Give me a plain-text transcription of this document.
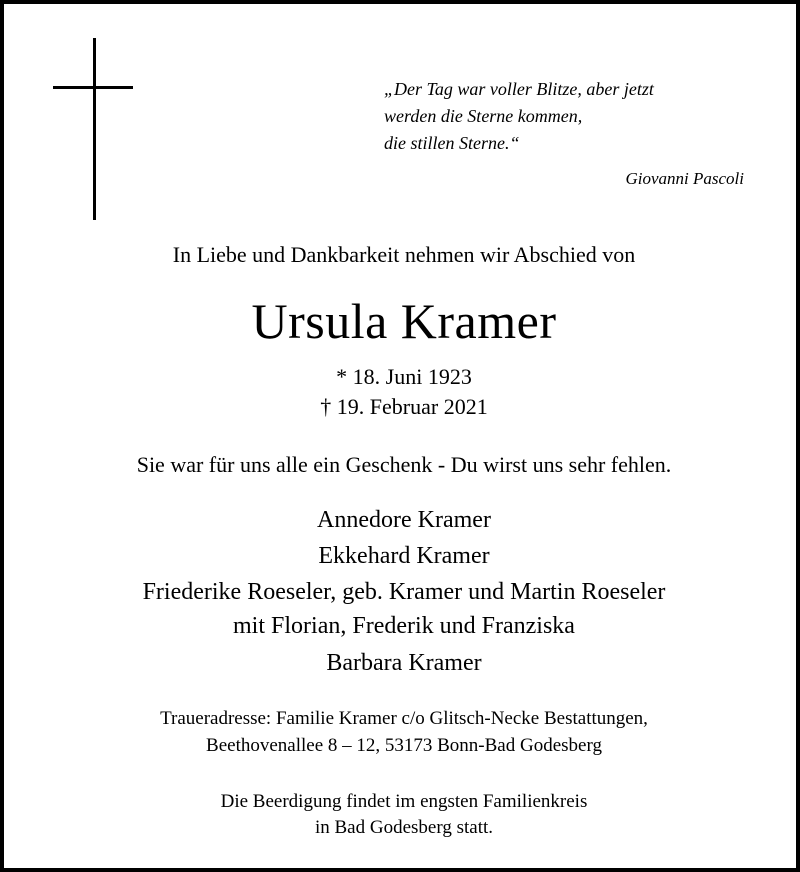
„Der Tag war voller Blitze, aber jetzt
werden die Sterne kommen,
die stillen Sterne.“
Giovanni Pascoli
In Liebe und Dankbarkeit nehmen wir Abschied von
Ursula Kramer
* 18. Juni 1923
† 19. Februar 2021
Sie war für uns alle ein Geschenk - Du wirst uns sehr fehlen.
Annedore Kramer
Ekkehard Kramer
Friederike Roeseler, geb. Kramer und Martin Roeseler
mit Florian, Frederik und Franziska
Barbara Kramer
Traueradresse: Familie Kramer c/o Glitsch-Necke Bestattungen,
Beethovenallee 8 – 12, 53173 Bonn-Bad Godesberg
Die Beerdigung findet im engsten Familienkreis
in Bad Godesberg statt.
